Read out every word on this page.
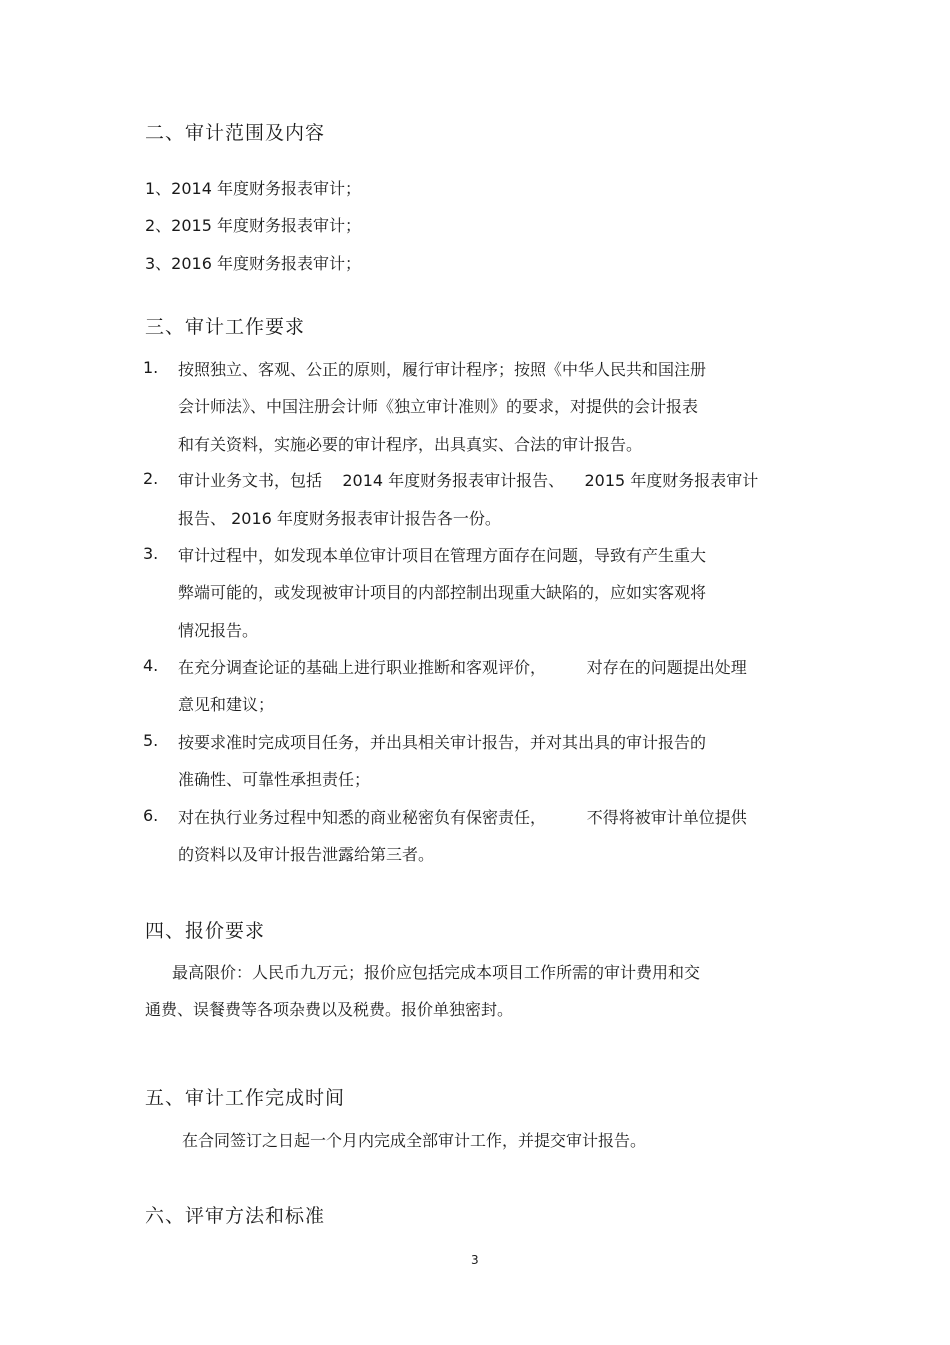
二、审计范围及内容
1、2014 年度财务报表审计；
2、2015 年度财务报表审计；
3、2016 年度财务报表审计；
三、审计工作要求
1. 按照独立、客观、公正的原则，履行审计程序；按照《中华人民共和国注册
会计师法》、中国注册会计师《独立审计准则》的要求，对提供的会计报表
和有关资料，实施必要的审计程序，出具真实、合法的审计报告。
2. 审计业务文书，包括    2014 年度财务报表审计报告、    2015 年度财务报表审计
报告、 2016 年度财务报表审计报告各一份。
3. 审计过程中，如发现本单位审计项目在管理方面存在问题，导致有产生重大
弊端可能的，或发现被审计项目的内部控制出现重大缺陷的，应如实客观将
情况报告。
4. 在充分调查论证的基础上进行职业推断和客观评价，        对存在的问题提出处理
意见和建议；
5. 按要求准时完成项目任务，并出具相关审计报告，并对其出具的审计报告的
准确性、可靠性承担责任；
6. 对在执行业务过程中知悉的商业秘密负有保密责任，        不得将被审计单位提供
的资料以及审计报告泄露给第三者。
四、报价要求
最高限价：人民币九万元；报价应包括完成本项目工作所需的审计费用和交
通费、误餐费等各项杂费以及税费。报价单独密封。
五、审计工作完成时间
在合同签订之日起一个月内完成全部审计工作，并提交审计报告。
六、评审方法和标准
3
